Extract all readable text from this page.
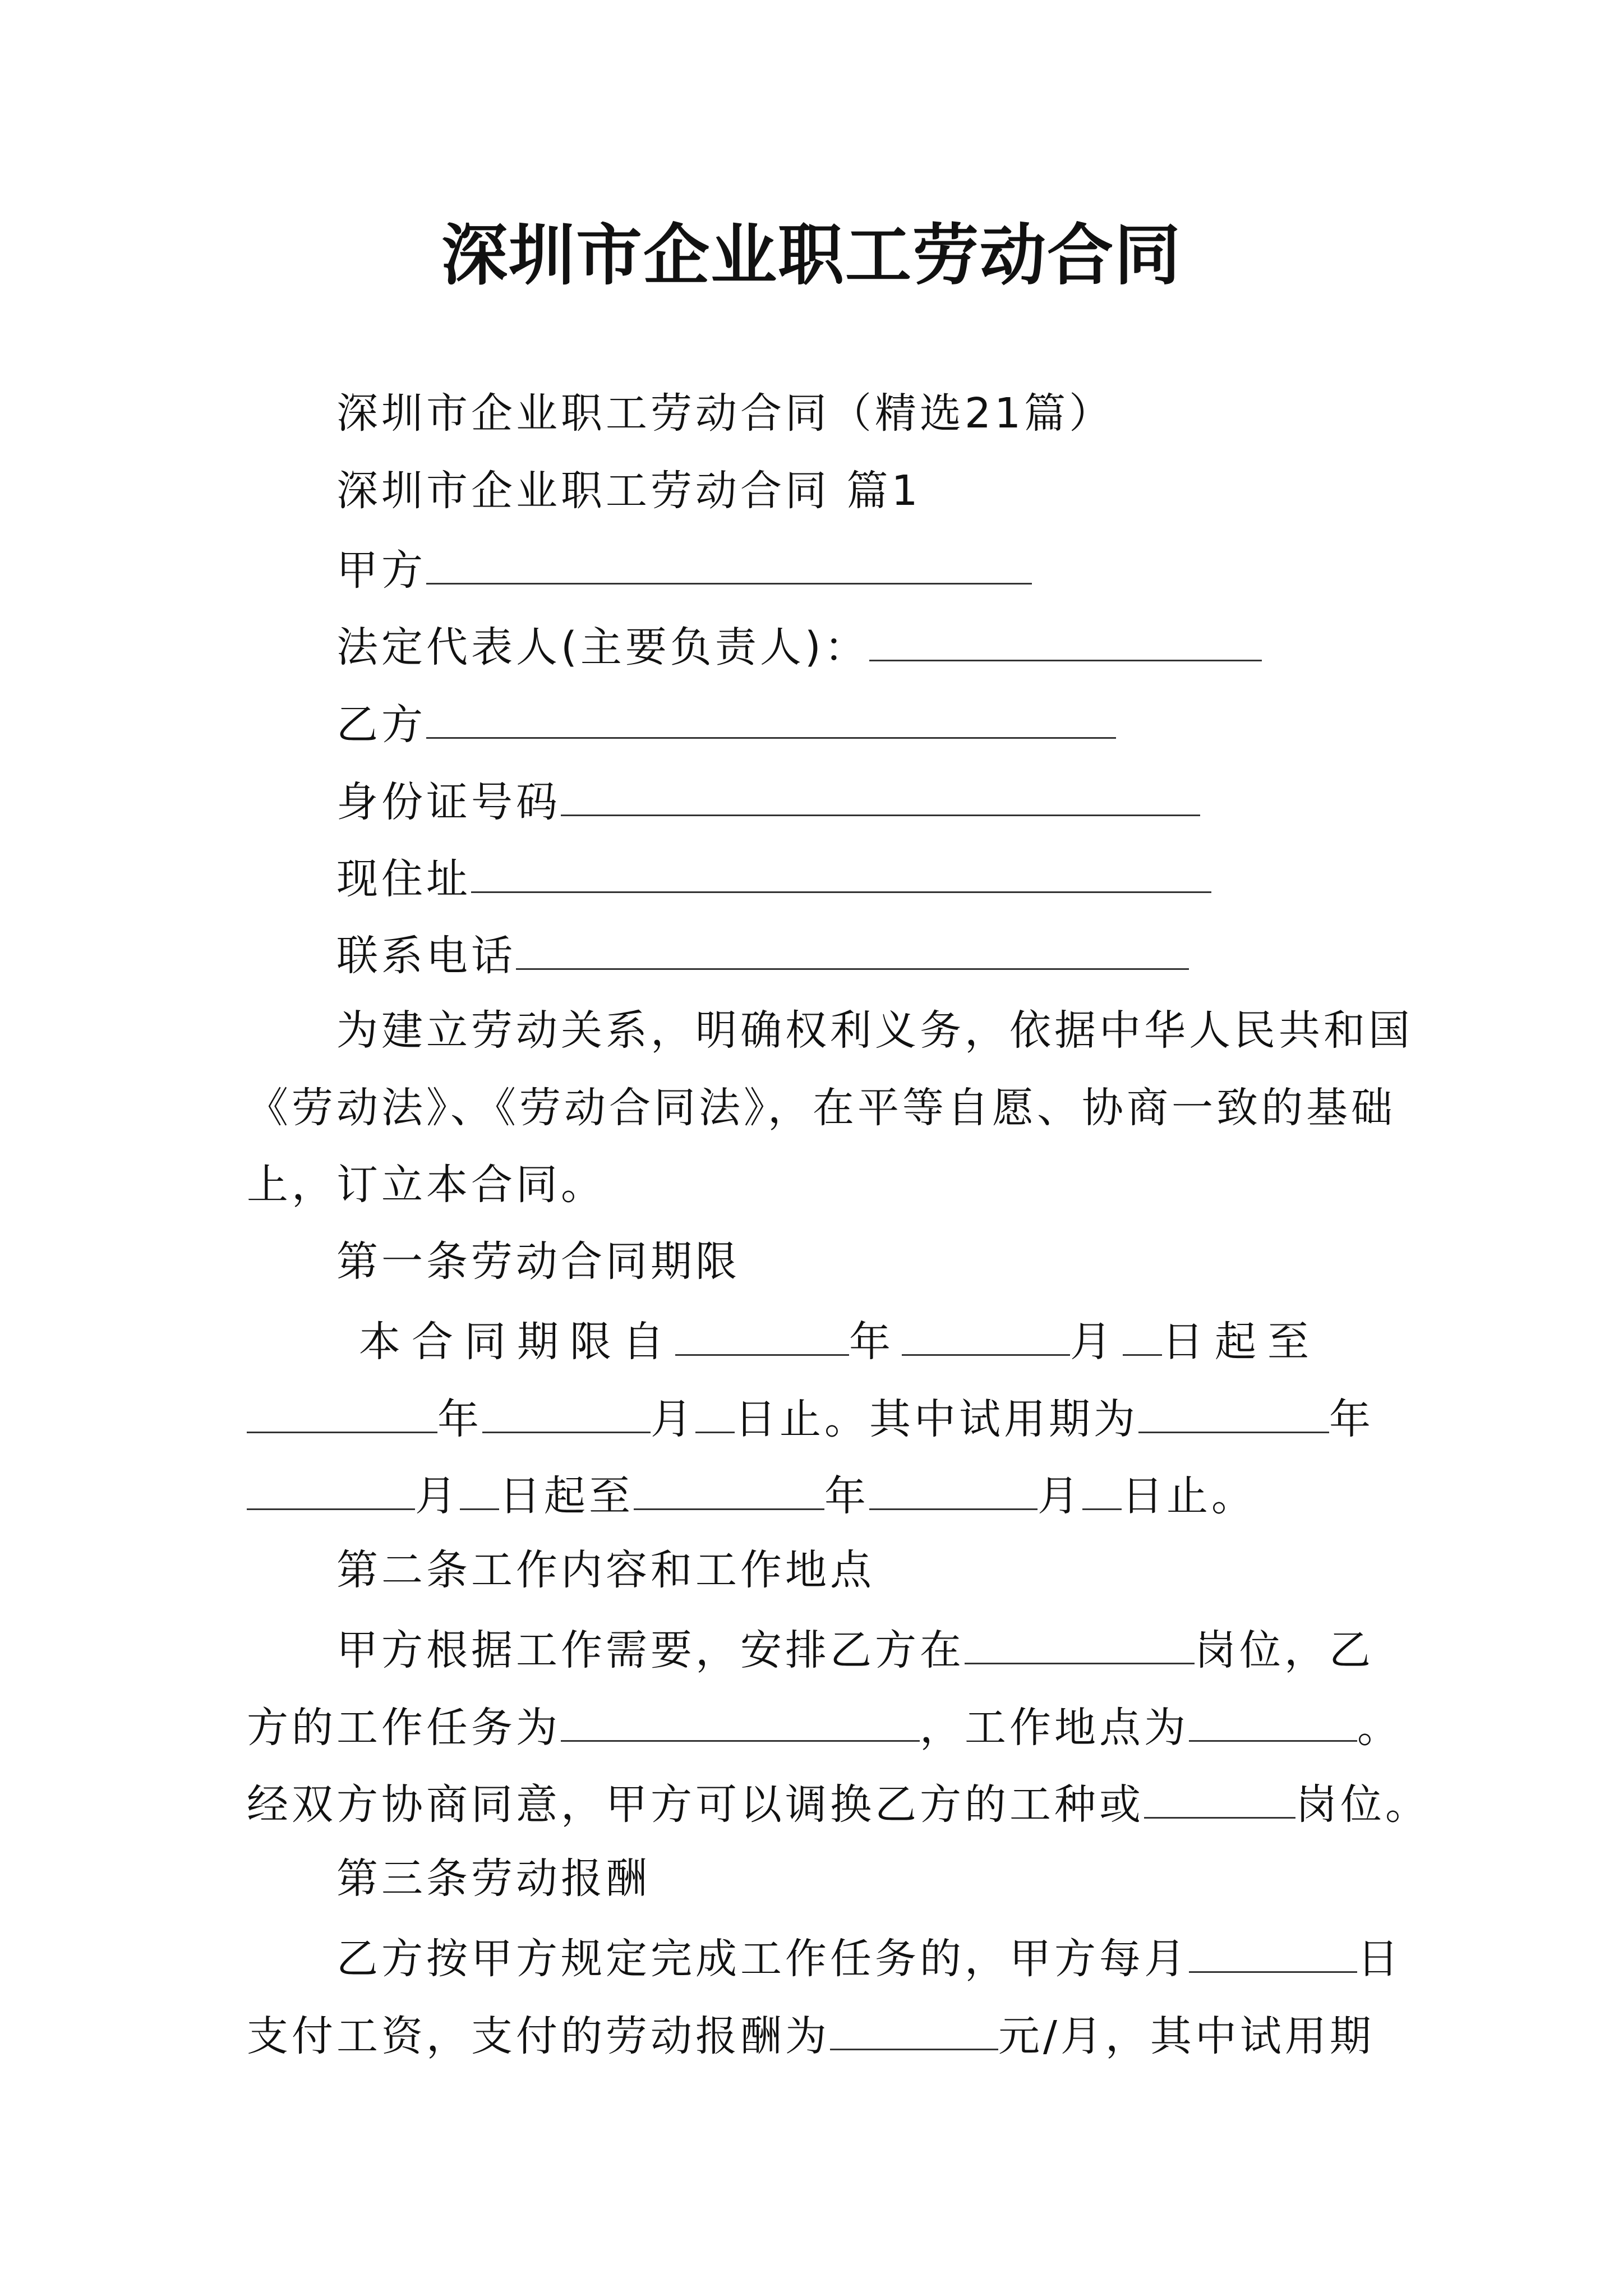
深圳市企业职工劳动合同
深圳市企业职工劳动合同（精选21篇）
深圳市企业职工劳动合同 篇1
甲方
法定代表人(主要负责人)：
乙方
身份证号码
现住址
联系电话
为建立劳动关系，明确权利义务，依据中华人民共和国
《劳动法》、《劳动合同法》，在平等自愿、协商一致的基础
上，订立本合同。
第一条劳动合同期限
本合同期限自	年	月 日起至
年	月 日止。其中试用期为	年
月 日起至	年	月 日止。
第二条工作内容和工作地点
甲方根据工作需要，安排乙方在	岗位，乙
方的工作任务为	，工作地点为	。
经双方协商同意，甲方可以调换乙方的工种或	岗位。
第三条劳动报酬
乙方按甲方规定完成工作任务的，甲方每月	日
支付工资，支付的劳动报酬为	元/月，其中试用期
